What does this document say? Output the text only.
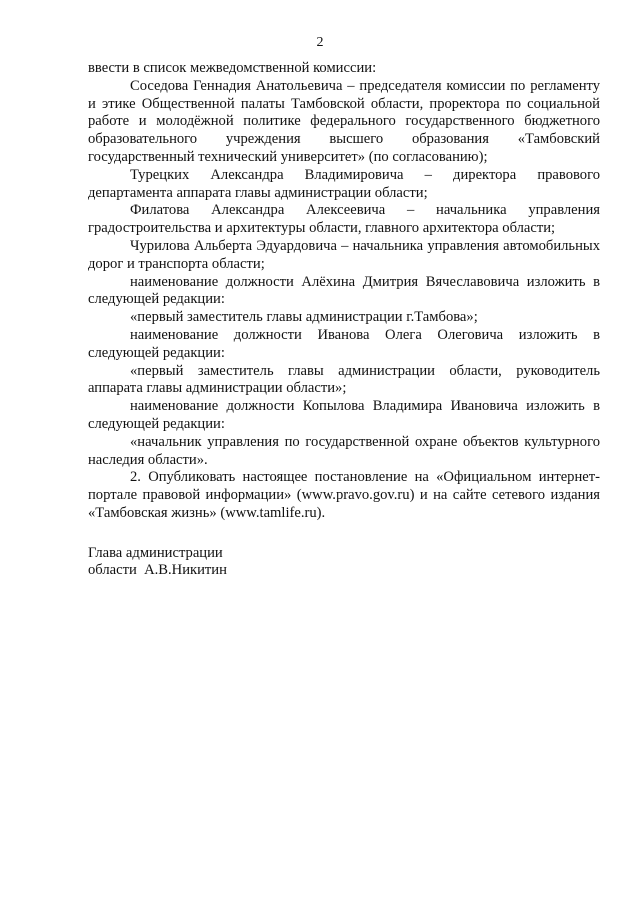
2

ввести в список межведомственной комиссии:

Соседова Геннадия Анатольевича – председателя комиссии по регламенту и этике Общественной палаты Тамбовской области, проректора по социальной работе и молодёжной политике федерального государственного бюджетного образовательного учреждения высшего образования «Тамбовский государственный технический университет» (по согласованию);

Турецких Александра Владимировича – директора правового департамента аппарата главы администрации области;

Филатова Александра Алексеевича – начальника управления градостроительства и архитектуры области, главного архитектора области;

Чурилова Альберта Эдуардовича – начальника управления автомобильных дорог и транспорта области;

наименование должности Алёхина Дмитрия Вячеславовича изложить в следующей редакции:

«первый заместитель главы администрации г.Тамбова»;

наименование должности Иванова Олега Олеговича изложить в следующей редакции:

«первый заместитель главы администрации области, руководитель аппарата главы администрации области»;

наименование должности Копылова Владимира Ивановича изложить в следующей редакции:

«начальник управления по государственной охране объектов культурного наследия области».

2. Опубликовать настоящее постановление на «Официальном интернет-портале правовой информации» (www.pravo.gov.ru) и на сайте сетевого издания «Тамбовская жизнь» (www.tamlife.ru).

Глава администрации
области  А.В.Никитин
